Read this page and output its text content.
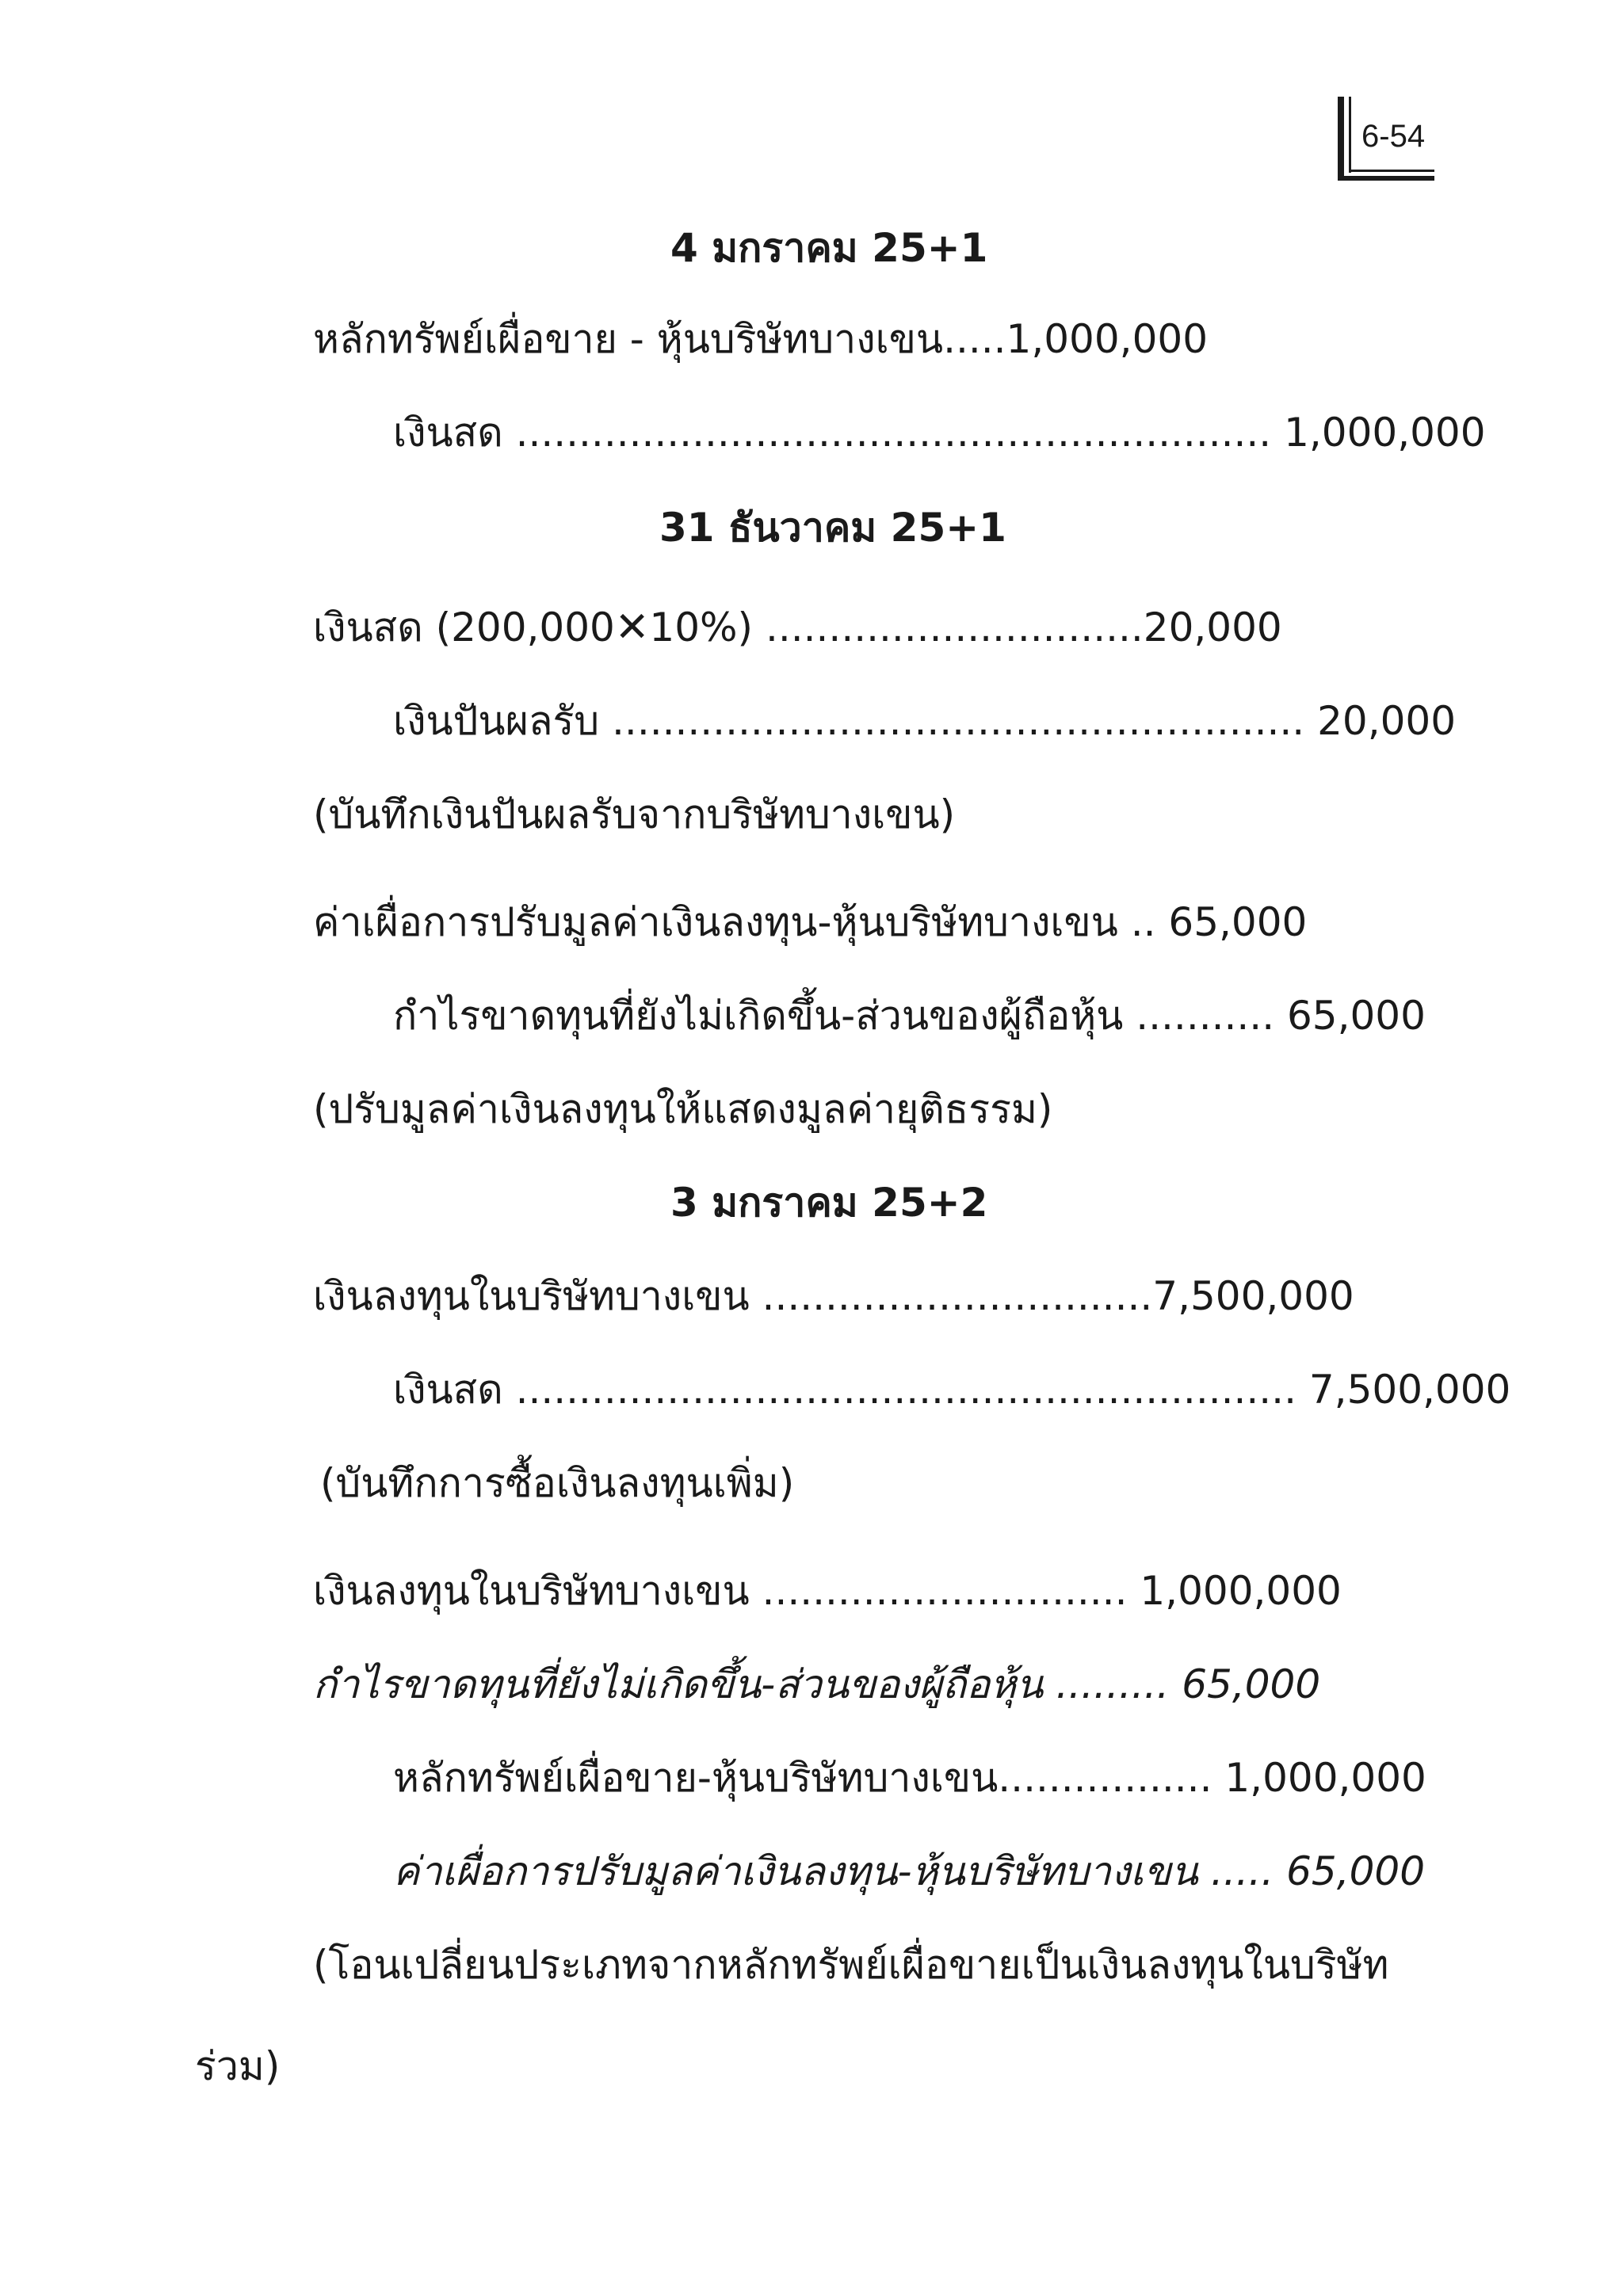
6-54
4 มกราคม 25+1
หลักทรัพย์เผื่อขาย - หุ้นบริษัทบางเขน.....1,000,000
เงินสด ............................................................ 1,000,000
31 ธันวาคม 25+1
เงินสด (200,000✕10%) ..............................20,000
เงินปันผลรับ ....................................................... 20,000
(บันทึกเงินปันผลรับจากบริษัทบางเขน)
ค่าเผื่อการปรับมูลค่าเงินลงทุน-หุ้นบริษัทบางเขน .. 65,000
กำไรขาดทุนที่ยังไม่เกิดขึ้น-ส่วนของผู้ถือหุ้น ........... 65,000
(ปรับมูลค่าเงินลงทุนให้แสดงมูลค่ายุติธรรม)
3 มกราคม 25+2
เงินลงทุนในบริษัทบางเขน ...............................7,500,000
เงินสด .............................................................. 7,500,000
(บันทึกการซื้อเงินลงทุนเพิ่ม)
เงินลงทุนในบริษัทบางเขน ............................. 1,000,000
กำไรขาดทุนที่ยังไม่เกิดขึ้น-ส่วนของผู้ถือหุ้น ......... 65,000
หลักทรัพย์เผื่อขาย-หุ้นบริษัทบางเขน................. 1,000,000
ค่าเผื่อการปรับมูลค่าเงินลงทุน-หุ้นบริษัทบางเขน ..... 65,000
(โอนเปลี่ยนประเภทจากหลักทรัพย์เผื่อขายเป็นเงินลงทุนในบริษัท
ร่วม)
